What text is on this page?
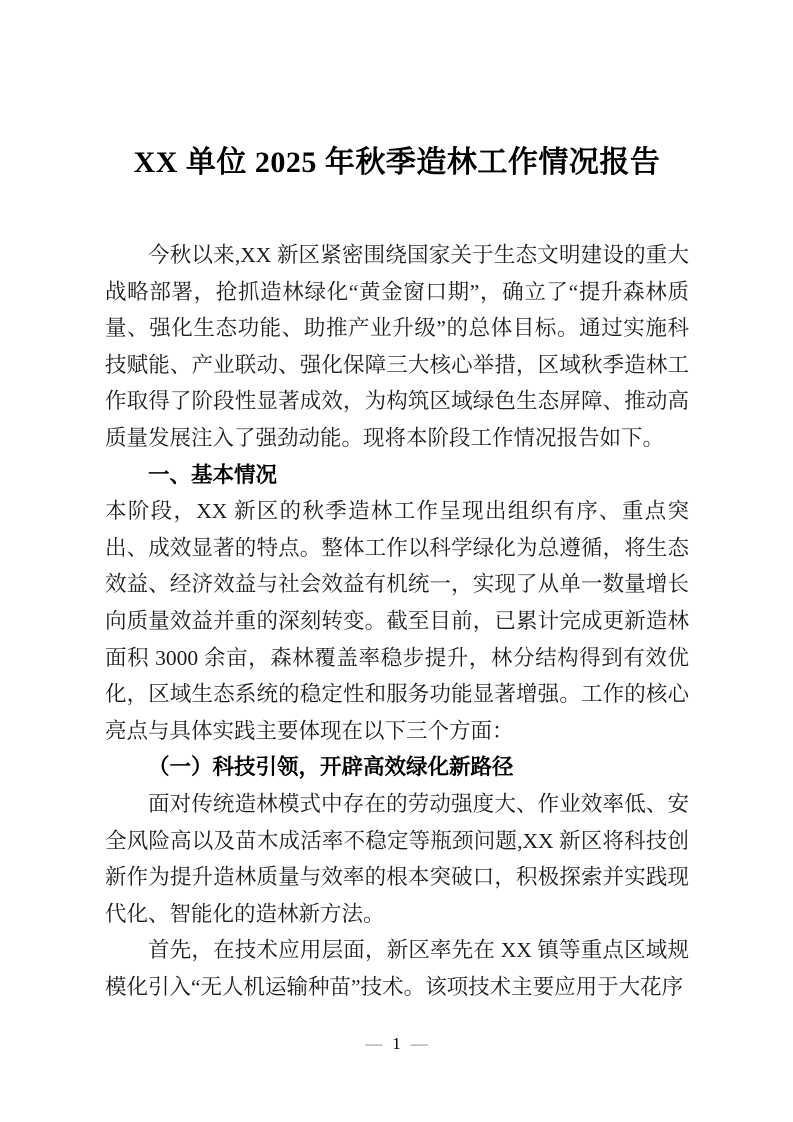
XX 单位 2025 年秋季造林工作情况报告

今秋以来,XX 新区紧密围绕国家关于生态文明建设的重大战略部署，抢抓造林绿化“黄金窗口期”，确立了“提升森林质量、强化生态功能、助推产业升级”的总体目标。通过实施科技赋能、产业联动、强化保障三大核心举措，区域秋季造林工作取得了阶段性显著成效，为构筑区域绿色生态屏障、推动高质量发展注入了强劲动能。现将本阶段工作情况报告如下。

一、基本情况

本阶段，XX 新区的秋季造林工作呈现出组织有序、重点突出、成效显著的特点。整体工作以科学绿化为总遵循，将生态效益、经济效益与社会效益有机统一，实现了从单一数量增长向质量效益并重的深刻转变。截至目前，已累计完成更新造林面积 3000 余亩，森林覆盖率稳步提升，林分结构得到有效优化，区域生态系统的稳定性和服务功能显著增强。工作的核心亮点与具体实践主要体现在以下三个方面：

（一）科技引领，开辟高效绿化新路径

面对传统造林模式中存在的劳动强度大、作业效率低、安全风险高以及苗木成活率不稳定等瓶颈问题,XX 新区将科技创新作为提升造林质量与效率的根本突破口，积极探索并实践现代化、智能化的造林新方法。

首先，在技术应用层面，新区率先在 XX 镇等重点区域规模化引入“无人机运输种苗”技术。该项技术主要应用于大花序

— 1 —
